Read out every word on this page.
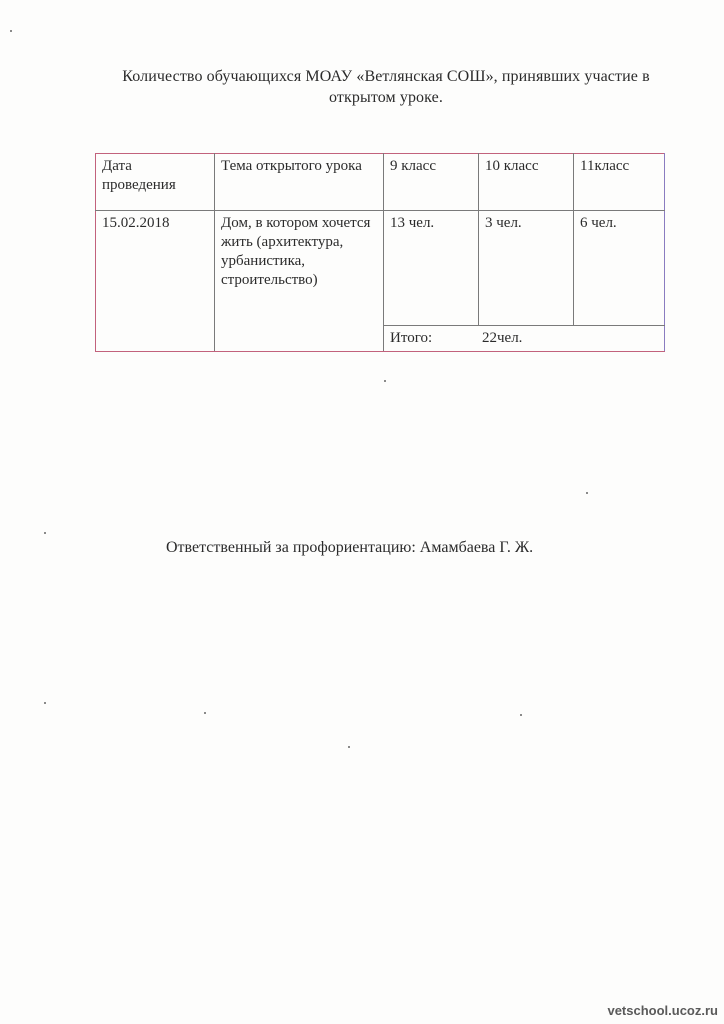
Количество обучающихся МОАУ «Ветлянская СОШ», принявших участие в открытом уроке.
Дата проведения	Тема открытого урока	9 класс	10 класс	11класс
15.02.2018	Дом, в котором хочется жить (архитектура, урбанистика, строительство)	13 чел.	3 чел.	6 чел.
		Итого: 22чел.		
Ответственный за профориентацию: Амамбаева Г. Ж.
vetschool.ucoz.ru
